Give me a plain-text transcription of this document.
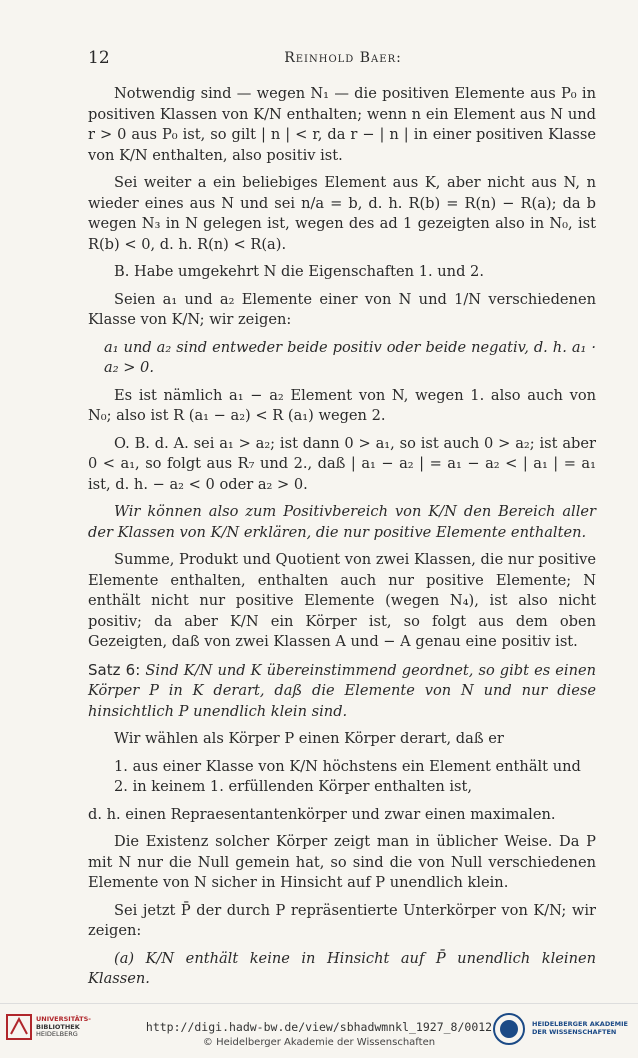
12	Reinhold Baer:

Notwendig sind — wegen N₁ — die positiven Elemente aus P₀ in positiven Klassen von K/N enthalten; wenn n ein Element aus N und r > 0 aus P₀ ist, so gilt | n | < r, da r − | n | in einer positiven Klasse von K/N enthalten, also positiv ist.

Sei weiter a ein beliebiges Element aus K, aber nicht aus N, n wieder eines aus N und sei n/a = b, d. h. R(b) = R(n) − R(a); da b wegen N₃ in N gelegen ist, wegen des ad 1 gezeigten also in N₀, ist R(b) < 0, d. h. R(n) < R(a).

B. Habe umgekehrt N die Eigenschaften 1. und 2.

Seien a₁ und a₂ Elemente einer von N und 1/N verschiedenen Klasse von K/N; wir zeigen:

a₁ und a₂ sind entweder beide positiv oder beide negativ, d. h. a₁ · a₂ > 0.

Es ist nämlich a₁ − a₂ Element von N, wegen 1. also auch von N₀; also ist R (a₁ − a₂) < R (a₁) wegen 2.

O. B. d. A. sei a₁ > a₂; ist dann 0 > a₁, so ist auch 0 > a₂; ist aber 0 < a₁, so folgt aus R₇ und 2., daß | a₁ − a₂ | = a₁ − a₂ < | a₁ | = a₁ ist, d. h. − a₂ < 0 oder a₂ > 0.

Wir können also zum Positivbereich von K/N den Bereich aller der Klassen von K/N erklären, die nur positive Elemente enthalten.

Summe, Produkt und Quotient von zwei Klassen, die nur positive Elemente enthalten, enthalten auch nur positive Elemente; N enthält nicht nur positive Elemente (wegen N₄), ist also nicht positiv; da aber K/N ein Körper ist, so folgt aus dem oben Gezeigten, daß von zwei Klassen A und − A genau eine positiv ist.

Satz 6: Sind K/N und K übereinstimmend geordnet, so gibt es einen Körper P in K derart, daß die Elemente von N und nur diese hinsichtlich P unendlich klein sind.

Wir wählen als Körper P einen Körper derart, daß er

1. aus einer Klasse von K/N höchstens ein Element enthält und
2. in keinem 1. erfüllenden Körper enthalten ist,

d. h. einen Repraesentantenkörper und zwar einen maximalen.

Die Existenz solcher Körper zeigt man in üblicher Weise. Da P mit N nur die Null gemein hat, so sind die von Null verschiedenen Elemente von N sicher in Hinsicht auf P unendlich klein.

Sei jetzt P̄ der durch P repräsentierte Unterkörper von K/N; wir zeigen:

(a) K/N enthält keine in Hinsicht auf P̄ unendlich kleinen Klassen.

UNIVERSITÄTS-
BIBLIOTHEK
HEIDELBERG	http://digi.hadw-bw.de/view/sbhadwmnkl_1927_8/0012
© Heidelberger Akademie der Wissenschaften
HEIDELBERGER AKADEMIE
DER WISSENSCHAFTEN
